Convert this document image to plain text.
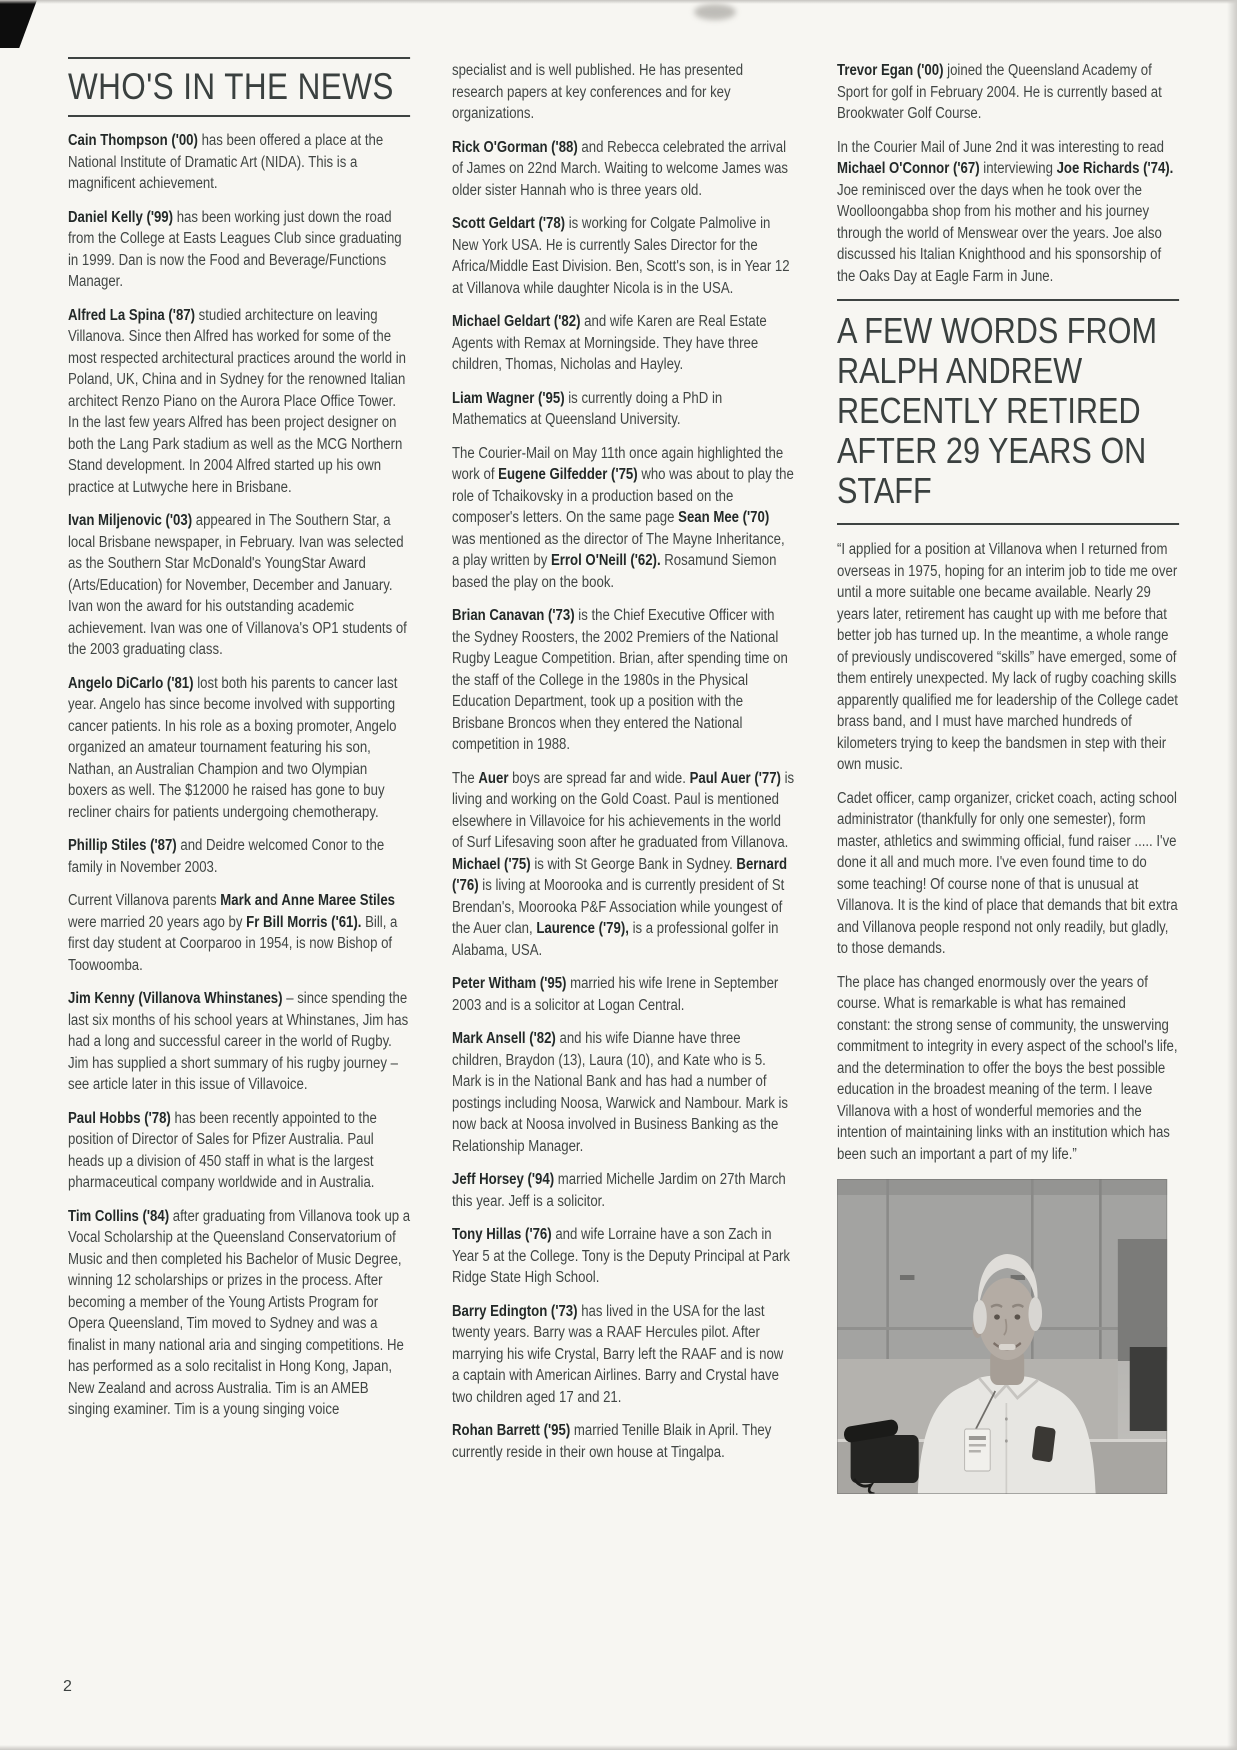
WHO'S IN THE NEWS

Cain Thompson ('00) has been offered a place at the National Institute of Dramatic Art (NIDA). This is a magnificent achievement.

Daniel Kelly ('99) has been working just down the road from the College at Easts Leagues Club since graduating in 1999. Dan is now the Food and Beverage/Functions Manager.

Alfred La Spina ('87) studied architecture on leaving Villanova. Since then Alfred has worked for some of the most respected architectural practices around the world in Poland, UK, China and in Sydney for the renowned Italian architect Renzo Piano on the Aurora Place Office Tower. In the last few years Alfred has been project designer on both the Lang Park stadium as well as the MCG Northern Stand development. In 2004 Alfred started up his own practice at Lutwyche here in Brisbane.

Ivan Miljenovic ('03) appeared in The Southern Star, a local Brisbane newspaper, in February. Ivan was selected as the Southern Star McDonald's YoungStar Award (Arts/Education) for November, December and January. Ivan won the award for his outstanding academic achievement. Ivan was one of Villanova's OP1 students of the 2003 graduating class.

Angelo DiCarlo ('81) lost both his parents to cancer last year. Angelo has since become involved with supporting cancer patients. In his role as a boxing promoter, Angelo organized an amateur tournament featuring his son, Nathan, an Australian Champion and two Olympian boxers as well. The $12000 he raised has gone to buy recliner chairs for patients undergoing chemotherapy.

Phillip Stiles ('87) and Deidre welcomed Conor to the family in November 2003.

Current Villanova parents Mark and Anne Maree Stiles were married 20 years ago by Fr Bill Morris ('61). Bill, a first day student at Coorparoo in 1954, is now Bishop of Toowoomba.

Jim Kenny (Villanova Whinstanes) – since spending the last six months of his school years at Whinstanes, Jim has had a long and successful career in the world of Rugby. Jim has supplied a short summary of his rugby journey – see article later in this issue of Villavoice.

Paul Hobbs ('78) has been recently appointed to the position of Director of Sales for Pfizer Australia. Paul heads up a division of 450 staff in what is the largest pharmaceutical company worldwide and in Australia.

Tim Collins ('84) after graduating from Villanova took up a Vocal Scholarship at the Queensland Conservatorium of Music and then completed his Bachelor of Music Degree, winning 12 scholarships or prizes in the process. After becoming a member of the Young Artists Program for Opera Queensland, Tim moved to Sydney and was a finalist in many national aria and singing competitions. He has performed as a solo recitalist in Hong Kong, Japan, New Zealand and across Australia. Tim is an AMEB singing examiner. Tim is a young singing voice

specialist and is well published. He has presented research papers at key conferences and for key organizations.

Rick O'Gorman ('88) and Rebecca celebrated the arrival of James on 22nd March. Waiting to welcome James was older sister Hannah who is three years old.

Scott Geldart ('78) is working for Colgate Palmolive in New York USA. He is currently Sales Director for the Africa/Middle East Division. Ben, Scott's son, is in Year 12 at Villanova while daughter Nicola is in the USA.

Michael Geldart ('82) and wife Karen are Real Estate Agents with Remax at Morningside. They have three children, Thomas, Nicholas and Hayley.

Liam Wagner ('95) is currently doing a PhD in Mathematics at Queensland University.

The Courier-Mail on May 11th once again highlighted the work of Eugene Gilfedder ('75) who was about to play the role of Tchaikovsky in a production based on the composer's letters. On the same page Sean Mee ('70) was mentioned as the director of The Mayne Inheritance, a play written by Errol O'Neill ('62). Rosamund Siemon based the play on the book.

Brian Canavan ('73) is the Chief Executive Officer with the Sydney Roosters, the 2002 Premiers of the National Rugby League Competition. Brian, after spending time on the staff of the College in the 1980s in the Physical Education Department, took up a position with the Brisbane Broncos when they entered the National competition in 1988.

The Auer boys are spread far and wide. Paul Auer ('77) is living and working on the Gold Coast. Paul is mentioned elsewhere in Villavoice for his achievements in the world of Surf Lifesaving soon after he graduated from Villanova. Michael ('75) is with St George Bank in Sydney. Bernard ('76) is living at Moorooka and is currently president of St Brendan's, Moorooka P&F Association while youngest of the Auer clan, Laurence ('79), is a professional golfer in Alabama, USA.

Peter Witham ('95) married his wife Irene in September 2003 and is a solicitor at Logan Central.

Mark Ansell ('82) and his wife Dianne have three children, Braydon (13), Laura (10), and Kate who is 5. Mark is in the National Bank and has had a number of postings including Noosa, Warwick and Nambour. Mark is now back at Noosa involved in Business Banking as the Relationship Manager.

Jeff Horsey ('94) married Michelle Jardim on 27th March this year. Jeff is a solicitor.

Tony Hillas ('76) and wife Lorraine have a son Zach in Year 5 at the College. Tony is the Deputy Principal at Park Ridge State High School.

Barry Edington ('73) has lived in the USA for the last twenty years. Barry was a RAAF Hercules pilot. After marrying his wife Crystal, Barry left the RAAF and is now a captain with American Airlines. Barry and Crystal have two children aged 17 and 21.

Rohan Barrett ('95) married Tenille Blaik in April. They currently reside in their own house at Tingalpa.

Trevor Egan ('00) joined the Queensland Academy of Sport for golf in February 2004. He is currently based at Brookwater Golf Course.

In the Courier Mail of June 2nd it was interesting to read Michael O'Connor ('67) interviewing Joe Richards ('74). Joe reminisced over the days when he took over the Woolloongabba shop from his mother and his journey through the world of Menswear over the years. Joe also discussed his Italian Knighthood and his sponsorship of the Oaks Day at Eagle Farm in June.

A FEW WORDS FROM RALPH ANDREW RECENTLY RETIRED AFTER 29 YEARS ON STAFF

“I applied for a position at Villanova when I returned from overseas in 1975, hoping for an interim job to tide me over until a more suitable one became available. Nearly 29 years later, retirement has caught up with me before that better job has turned up. In the meantime, a whole range of previously undiscovered “skills” have emerged, some of them entirely unexpected. My lack of rugby coaching skills apparently qualified me for leadership of the College cadet brass band, and I must have marched hundreds of kilometers trying to keep the bandsmen in step with their own music.

Cadet officer, camp organizer, cricket coach, acting school administrator (thankfully for only one semester), form master, athletics and swimming official, fund raiser ..... I've done it all and much more. I've even found time to do some teaching! Of course none of that is unusual at Villanova. It is the kind of place that demands that bit extra and Villanova people respond not only readily, but gladly, to those demands.

The place has changed enormously over the years of course. What is remarkable is what has remained constant: the strong sense of community, the unswerving commitment to integrity in every aspect of the school's life, and the determination to offer the boys the best possible education in the broadest meaning of the term. I leave Villanova with a host of wonderful memories and the intention of maintaining links with an institution which has been such an important a part of my life.”

2
